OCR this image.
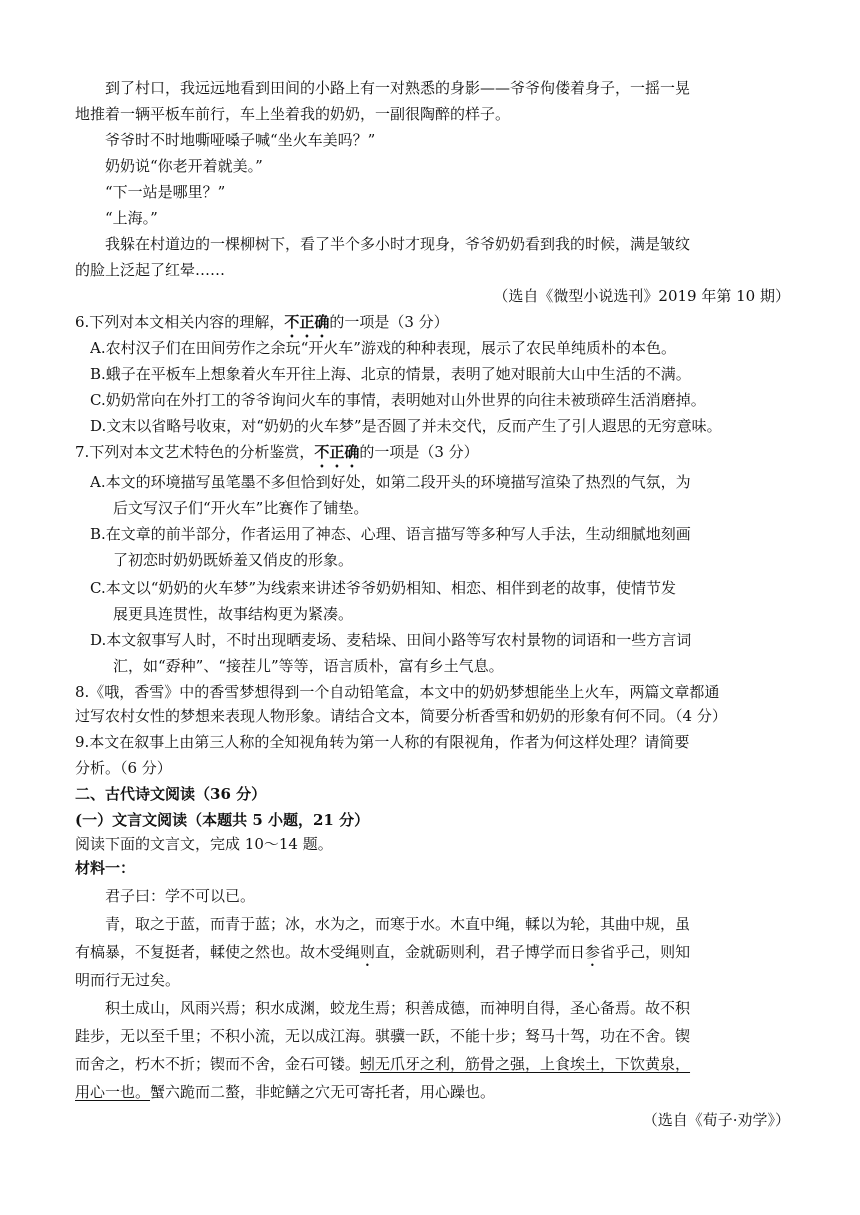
到了村口，我远远地看到田间的小路上有一对熟悉的身影——爷爷佝偻着身子，一摇一晃
地推着一辆平板车前行，车上坐着我的奶奶，一副很陶醉的样子。
爷爷时不时地嘶哑嗓子喊“坐火车美吗？”
奶奶说“你老开着就美。”
“下一站是哪里？”
“上海。”
我躲在村道边的一棵柳树下，看了半个多小时才现身，爷爷奶奶看到我的时候，满是皱纹
的脸上泛起了红晕……
（选自《微型小说选刊》2019 年第 10 期）
6.下列对本文相关内容的理解，不正确的一项是（3 分）
A.农村汉子们在田间劳作之余玩“开火车”游戏的种种表现，展示了农民单纯质朴的本色。
B.蛾子在平板车上想象着火车开往上海、北京的情景，表明了她对眼前大山中生活的不满。
C.奶奶常向在外打工的爷爷询问火车的事情，表明她对山外世界的向往未被琐碎生活消磨掉。
D.文末以省略号收束，对“奶奶的火车梦”是否圆了并未交代，反而产生了引人遐思的无穷意味。
7.下列对本文艺术特色的分析鉴赏，不正确的一项是（3 分）
A.本文的环境描写虽笔墨不多但恰到好处，如第二段开头的环境描写渲染了热烈的气氛，为
后文写汉子们“开火车”比赛作了铺垫。
B.在文章的前半部分，作者运用了神态、心理、语言描写等多种写人手法，生动细腻地刻画
了初恋时奶奶既娇羞又俏皮的形象。
C.本文以“奶奶的火车梦”为线索来讲述爷爷奶奶相知、相恋、相伴到老的故事，使情节发
展更具连贯性，故事结构更为紧凑。
D.本文叙事写人时，不时出现晒麦场、麦秸垛、田间小路等写农村景物的词语和一些方言词
汇，如“孬种”、“接茬儿”等等，语言质朴，富有乡土气息。
8.《哦，香雪》中的香雪梦想得到一个自动铅笔盒，本文中的奶奶梦想能坐上火车，两篇文章都通
过写农村女性的梦想来表现人物形象。请结合文本，简要分析香雪和奶奶的形象有何不同。（4 分）
9.本文在叙事上由第三人称的全知视角转为第一人称的有限视角，作者为何这样处理？请简要
分析。（6 分）
二、古代诗文阅读（36 分）
(一）文言文阅读（本题共 5 小题，21 分）
阅读下面的文言文，完成 10～14 题。
材料一：
君子曰：学不可以已。
青，取之于蓝，而青于蓝；冰，水为之，而寒于水。木直中绳，輮以为轮，其曲中规，虽
有槁暴，不复挺者，輮使之然也。故木受绳则直，金就砺则利，君子博学而日参省乎己，则知
明而行无过矣。
积土成山，风雨兴焉；积水成渊，蛟龙生焉；积善成德，而神明自得，圣心备焉。故不积
跬步，无以至千里；不积小流，无以成江海。骐骥一跃，不能十步；驽马十驾，功在不舍。锲
而舍之，朽木不折；锲而不舍，金石可镂。蚓无爪牙之利，筋骨之强，上食埃土，下饮黄泉，
用心一也。蟹六跪而二螯，非蛇鳝之穴无可寄托者，用心躁也。
（选自《荀子·劝学》）
